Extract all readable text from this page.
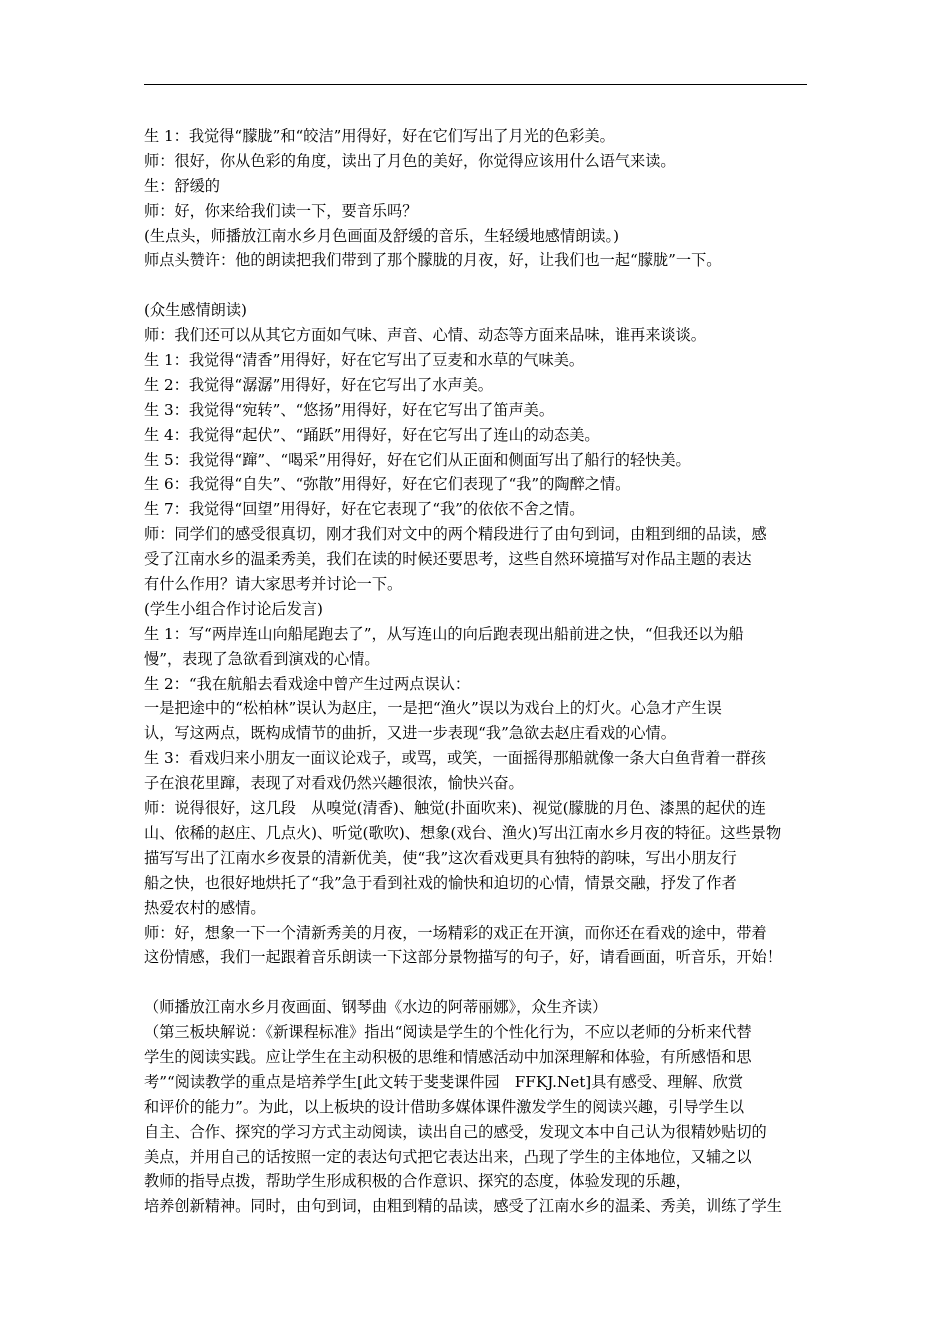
生 1：我觉得“朦胧”和“皎洁”用得好，好在它们写出了月光的色彩美。
师：很好，你从色彩的角度，读出了月色的美好，你觉得应该用什么语气来读。
生：舒缓的
师：好，你来给我们读一下，要音乐吗？
(生点头，师播放江南水乡月色画面及舒缓的音乐，生轻缓地感情朗读。)
师点头赞许：他的朗读把我们带到了那个朦胧的月夜，好，让我们也一起“朦胧”一下。
(众生感情朗读)
师：我们还可以从其它方面如气味、声音、心情、动态等方面来品味，谁再来谈谈。
生 1：我觉得“清香”用得好，好在它写出了豆麦和水草的气味美。
生 2：我觉得“潺潺”用得好，好在它写出了水声美。
生 3：我觉得“宛转”、“悠扬”用得好，好在它写出了笛声美。
生 4：我觉得“起伏”、“踊跃”用得好，好在它写出了连山的动态美。
生 5：我觉得“蹿”、“喝采”用得好，好在它们从正面和侧面写出了船行的轻快美。
生 6：我觉得“自失”、“弥散”用得好，好在它们表现了“我”的陶醉之情。
生 7：我觉得“回望”用得好，好在它表现了“我”的依依不舍之情。
师：同学们的感受很真切，刚才我们对文中的两个精段进行了由句到词，由粗到细的品读，感
受了江南水乡的温柔秀美，我们在读的时候还要思考，这些自然环境描写对作品主题的表达
有什么作用？请大家思考并讨论一下。
(学生小组合作讨论后发言)
生 1：写“两岸连山向船尾跑去了”，从写连山的向后跑表现出船前进之快，“但我还以为船
慢”，表现了急欲看到演戏的心情。
生 2：“我在航船去看戏途中曾产生过两点误认：
一是把途中的“松柏林”误认为赵庄，一是把“渔火”误以为戏台上的灯火。心急才产生误
认，写这两点，既构成情节的曲折，又进一步表现“我”急欲去赵庄看戏的心情。
生 3：看戏归来小朋友一面议论戏子，或骂，或笑，一面摇得那船就像一条大白鱼背着一群孩
子在浪花里蹿，表现了对看戏仍然兴趣很浓，愉快兴奋。
师：说得很好，这几段　从嗅觉(清香)、触觉(扑面吹来)、视觉(朦胧的月色、漆黑的起伏的连
山、依稀的赵庄、几点火)、听觉(歌吹)、想象(戏台、渔火)写出江南水乡月夜的特征。这些景物
描写写出了江南水乡夜景的清新优美，使“我”这次看戏更具有独特的韵味，写出小朋友行
船之快，也很好地烘托了“我”急于看到社戏的愉快和迫切的心情，情景交融，抒发了作者
热爱农村的感情。
师：好，想象一下一个清新秀美的月夜，一场精彩的戏正在开演，而你还在看戏的途中，带着
这份情感，我们一起跟着音乐朗读一下这部分景物描写的句子，好，请看画面，听音乐，开始！
（师播放江南水乡月夜画面、钢琴曲《水边的阿蒂丽娜》，众生齐读）
（第三板块解说：《新课程标准》指出“阅读是学生的个性化行为，不应以老师的分析来代替
学生的阅读实践。应让学生在主动积极的思维和情感活动中加深理解和体验，有所感悟和思
考”“阅读教学的重点是培养学生[此文转于斐斐课件园　FFKJ.Net]具有感受、理解、欣赏
和评价的能力”。为此，以上板块的设计借助多媒体课件激发学生的阅读兴趣，引导学生以
自主、合作、探究的学习方式主动阅读，读出自己的感受，发现文本中自己认为很精妙贴切的
美点，并用自己的话按照一定的表达句式把它表达出来，凸现了学生的主体地位，又辅之以
教师的指导点拨，帮助学生形成积极的合作意识、探究的态度，体验发现的乐趣，
培养创新精神。同时，由句到词，由粗到精的品读，感受了江南水乡的温柔、秀美，训练了学生
